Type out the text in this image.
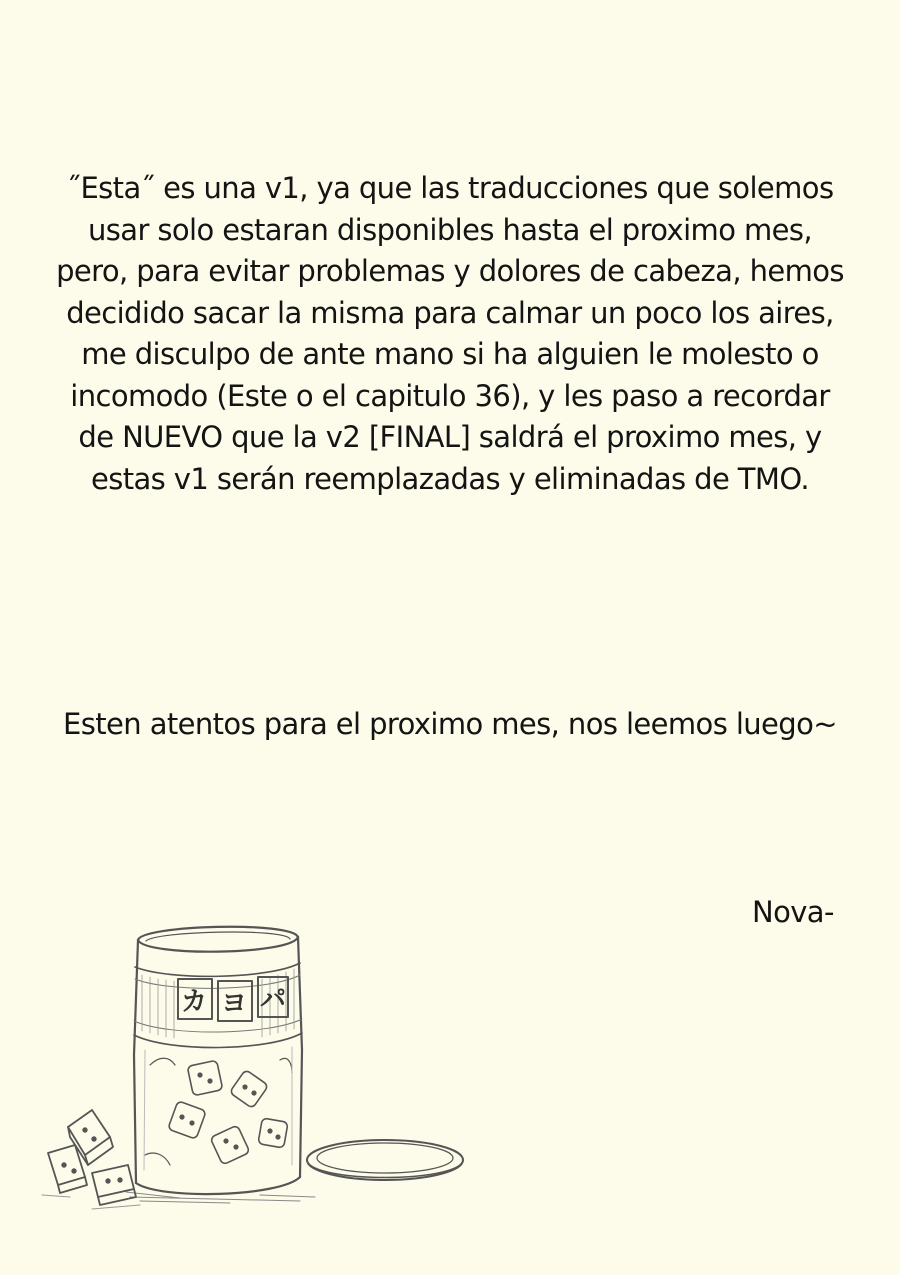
˝Esta˝ es una v1, ya que las traducciones que solemos
usar solo estaran disponibles hasta el proximo mes,
pero, para evitar problemas y dolores de cabeza, hemos
decidido sacar la misma para calmar un poco los aires,
me disculpo de ante mano si ha alguien le molesto o
incomodo (Este o el capitulo 36), y les paso a recordar
de NUEVO que la v2 [FINAL] saldrá el proximo mes, y
estas v1 serán reemplazadas y eliminadas de TMO.

Esten atentos para el proximo mes, nos leemos luego~

Nova-

カ ヨ パ
